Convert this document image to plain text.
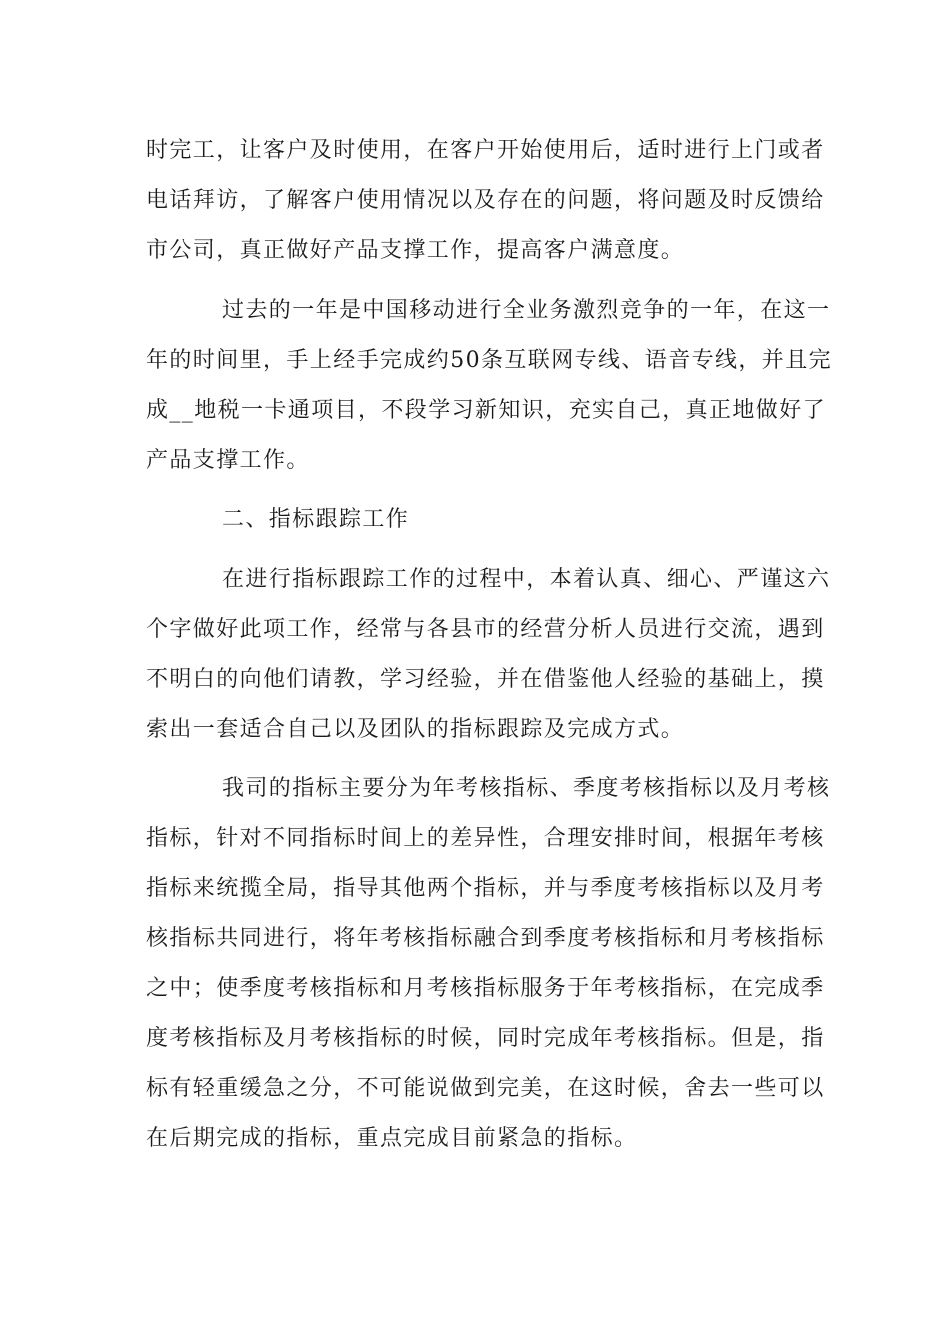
时完工，让客户及时使用，在客户开始使用后，适时进行上门或者
电话拜访，了解客户使用情况以及存在的问题，将问题及时反馈给
市公司，真正做好产品支撑工作，提高客户满意度。
过去的一年是中国移动进行全业务激烈竞争的一年，在这一
年的时间里，手上经手完成约50条互联网专线、语音专线，并且完
成__地税一卡通项目，不段学习新知识，充实自己，真正地做好了
产品支撑工作。
二、指标跟踪工作
在进行指标跟踪工作的过程中，本着认真、细心、严谨这六
个字做好此项工作，经常与各县市的经营分析人员进行交流，遇到
不明白的向他们请教，学习经验，并在借鉴他人经验的基础上，摸
索出一套适合自己以及团队的指标跟踪及完成方式。
我司的指标主要分为年考核指标、季度考核指标以及月考核
指标，针对不同指标时间上的差异性，合理安排时间，根据年考核
指标来统揽全局，指导其他两个指标，并与季度考核指标以及月考
核指标共同进行，将年考核指标融合到季度考核指标和月考核指标
之中；使季度考核指标和月考核指标服务于年考核指标，在完成季
度考核指标及月考核指标的时候，同时完成年考核指标。但是，指
标有轻重缓急之分，不可能说做到完美，在这时候，舍去一些可以
在后期完成的指标，重点完成目前紧急的指标。
